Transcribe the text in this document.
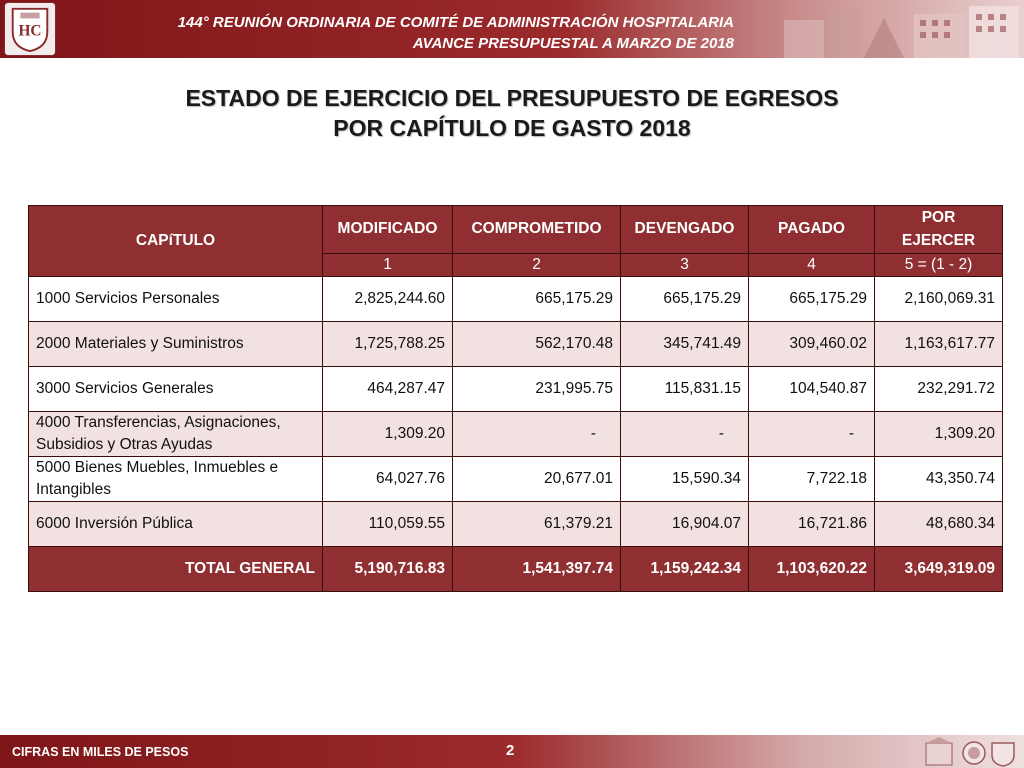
HC
144° REUNIÓN ORDINARIA DE COMITÉ DE ADMINISTRACIÓN HOSPITALARIA
AVANCE PRESUPUESTAL A MARZO DE 2018
ESTADO DE EJERCICIO DEL PRESUPUESTO DE EGRESOS
POR CAPÍTULO DE GASTO 2018
CAPíTULO	MODIFICADO	COMPROMETIDO	DEVENGADO	PAGADO	POR EJERCER
	1	2	3	4	5 = (1 - 2)
1000 Servicios Personales	2,825,244.60	665,175.29	665,175.29	665,175.29	2,160,069.31
2000 Materiales y Suministros	1,725,788.25	562,170.48	345,741.49	309,460.02	1,163,617.77
3000 Servicios Generales	464,287.47	231,995.75	115,831.15	104,540.87	232,291.72
4000 Transferencias, Asignaciones, Subsidios y Otras Ayudas	1,309.20	-	-	-	1,309.20
5000 Bienes Muebles, Inmuebles e Intangibles	64,027.76	20,677.01	15,590.34	7,722.18	43,350.74
6000 Inversión Pública	110,059.55	61,379.21	16,904.07	16,721.86	48,680.34
TOTAL GENERAL	5,190,716.83	1,541,397.74	1,159,242.34	1,103,620.22	3,649,319.09
CIFRAS EN MILES DE PESOS	2
